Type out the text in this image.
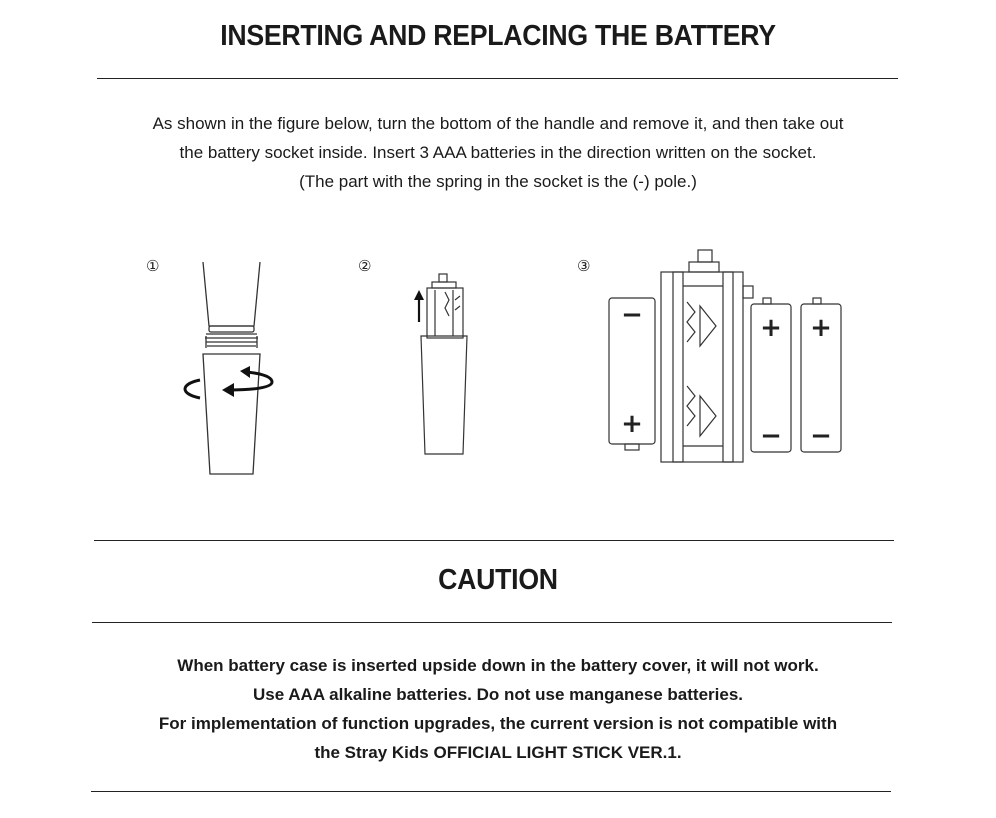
INSERTING AND REPLACING THE BATTERY
As shown in the figure below, turn the bottom of the handle and remove it, and then take out
the battery socket inside. Insert 3 AAA batteries in the direction written on the socket.
(The part with the spring in the socket is the (-) pole.)
①	②	③
−
+
+
−
+
−
CAUTION
When battery case is inserted upside down in the battery cover, it will not work.
Use AAA alkaline batteries. Do not use manganese batteries.
For implementation of function upgrades, the current version is not compatible with
the Stray Kids OFFICIAL LIGHT STICK VER.1.
